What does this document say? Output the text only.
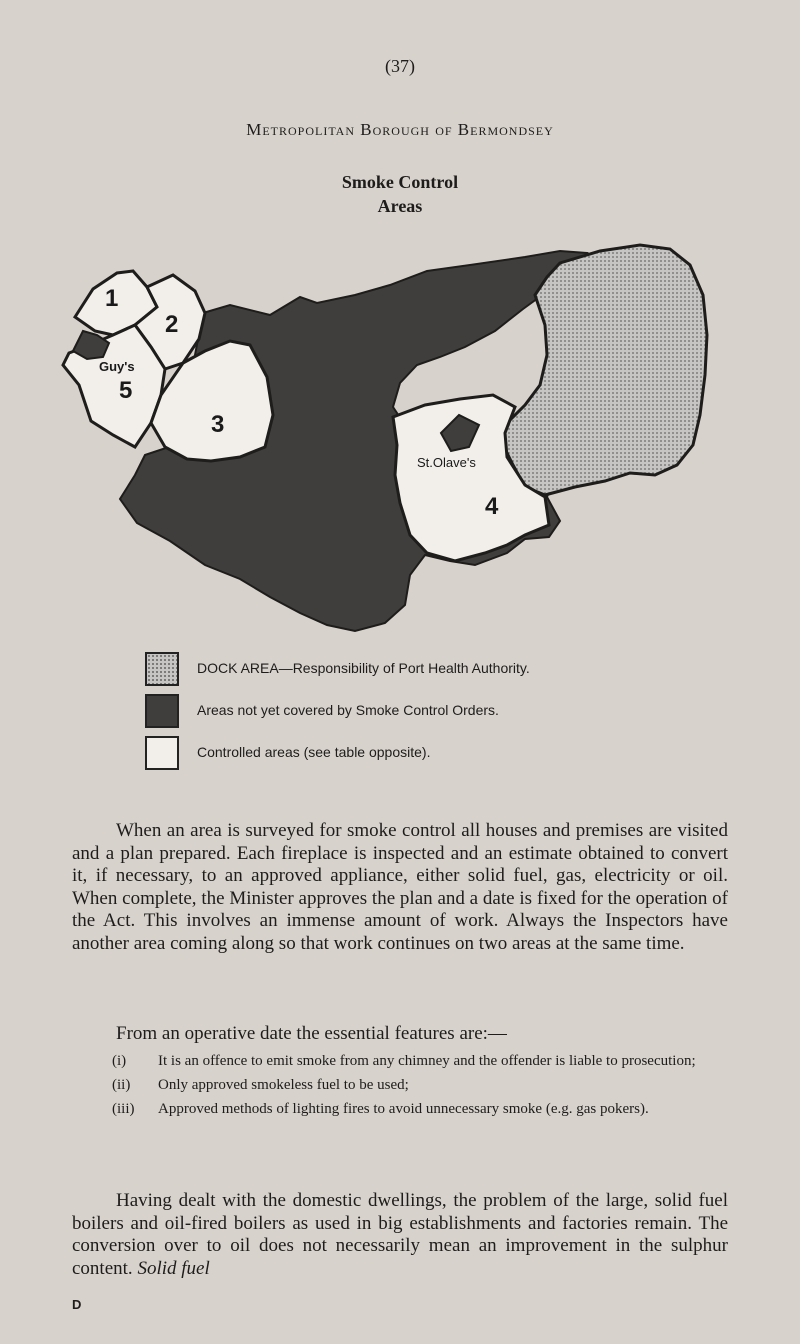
(37)
Metropolitan Borough of Bermondsey
Smoke Control
Areas
1
2
3
4
5
Guy's
St.Olave's
DOCK AREA—Responsibility of Port Health Authority.
Areas not yet covered by Smoke Control Orders.
Controlled areas (see table opposite).

When an area is surveyed for smoke control all houses and premises are visited and a plan prepared. Each fireplace is inspected and an estimate obtained to convert it, if necessary, to an approved appliance, either solid fuel, gas, electricity or oil. When complete, the Minister approves the plan and a date is fixed for the operation of the Act. This involves an immense amount of work. Always the Inspectors have another area coming along so that work continues on two areas at the same time.

From an operative date the essential features are:—

(i) It is an offence to emit smoke from any chimney and the offender is liable to prosecution;
(ii) Only approved smokeless fuel to be used;
(iii) Approved methods of lighting fires to avoid unnecessary smoke (e.g. gas pokers).

Having dealt with the domestic dwellings, the problem of the large, solid fuel boilers and oil-fired boilers as used in big establishments and factories remain. The conversion over to oil does not necessarily mean an improvement in the sulphur content. Solid fuel

D
